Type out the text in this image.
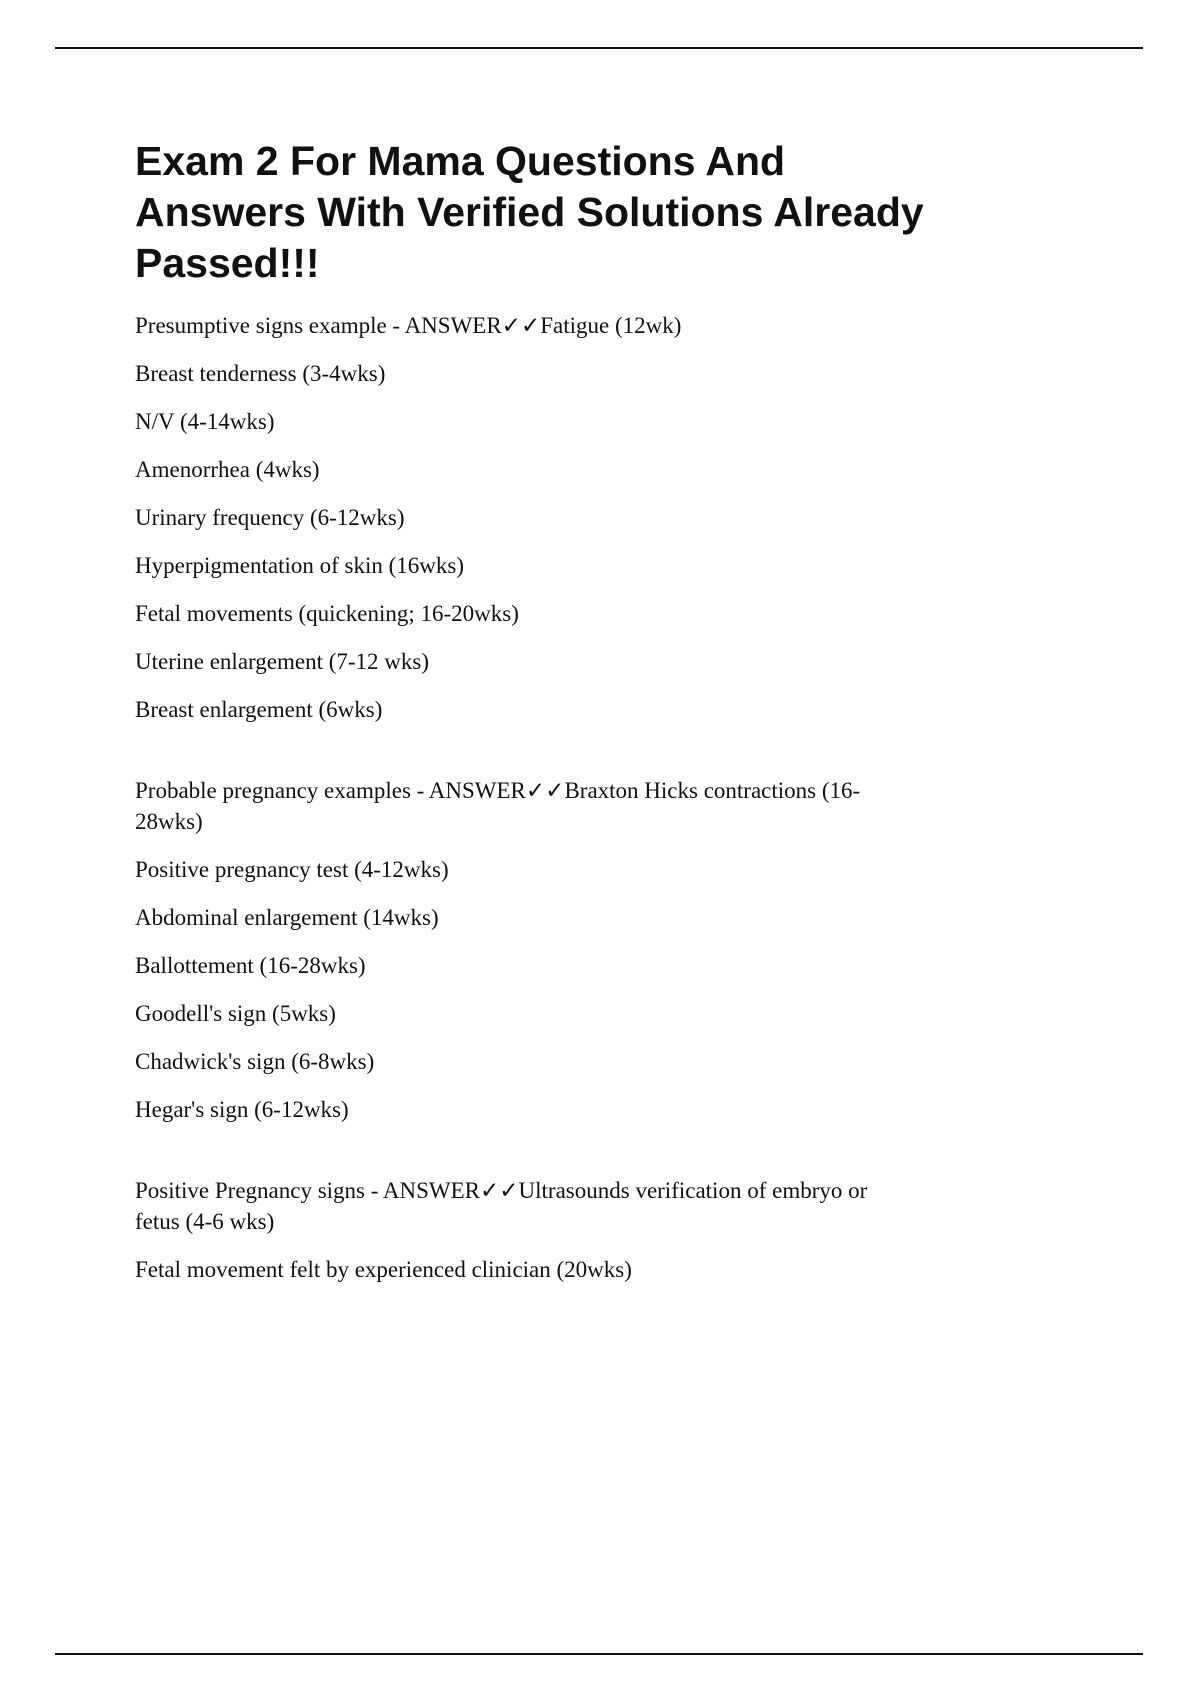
Exam 2 For Mama Questions And
Answers With Verified Solutions Already
Passed!!!

Presumptive signs example - ANSWER✓✓Fatigue (12wk)

Breast tenderness (3-4wks)

N/V (4-14wks)

Amenorrhea (4wks)

Urinary frequency (6-12wks)

Hyperpigmentation of skin (16wks)

Fetal movements (quickening; 16-20wks)

Uterine enlargement (7-12 wks)

Breast enlargement (6wks)

Probable pregnancy examples - ANSWER✓✓Braxton Hicks contractions (16-

28wks)

Positive pregnancy test (4-12wks)

Abdominal enlargement (14wks)

Ballottement (16-28wks)

Goodell's sign (5wks)

Chadwick's sign (6-8wks)

Hegar's sign (6-12wks)

Positive Pregnancy signs - ANSWER✓✓Ultrasounds verification of embryo or

fetus (4-6 wks)

Fetal movement felt by experienced clinician (20wks)
